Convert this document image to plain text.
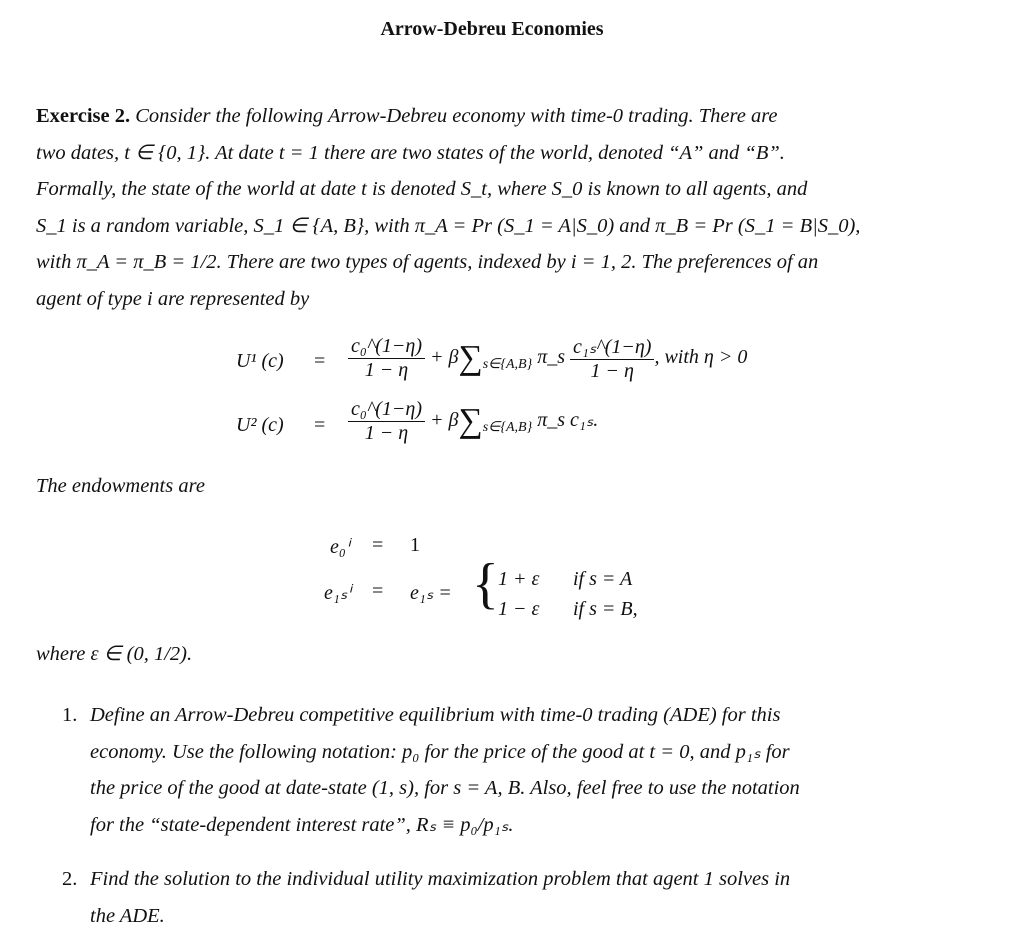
Arrow-Debreu Economies
Exercise 2. Consider the following Arrow-Debreu economy with time-0 trading. There are
two dates, t ∈ {0, 1}. At date t = 1 there are two states of the world, denoted “A” and “B”.
Formally, the state of the world at date t is denoted S_t, where S_0 is known to all agents, and
S_1 is a random variable, S_1 ∈ {A, B}, with π_A = Pr (S_1 = A|S_0) and π_B = Pr (S_1 = B|S_0),
with π_A = π_B = 1/2. There are two types of agents, indexed by i = 1, 2. The preferences of an
agent of type i are represented by
U¹ $(c) = \frac{\text{c₀\textasciicircum{}(1−η)}}{1 - \eta} + \beta\sum_{s\in\{A,B\}}$ π_s $\frac{\text{c₁ₛ\textasciicircum{}(1−η)}}{1 - \eta}$ , with η > 0
U² $(c) = \frac{\text{c₀\textasciicircum{}(1−η)}}{1 - \eta} + \beta\sum_{s\in\{A,B\}}$ π_s c₁ₛ.
The endowments are
e₀ⁱ = 1
e₁ₛⁱ = e₁ₛ = { 1 + ε if s = A
1 − ε if s = B,
where ε ∈ (0, 1/2).
1. Define an Arrow-Debreu competitive equilibrium with time-0 trading (ADE) for this
economy. Use the following notation: p₀ for the price of the good at t = 0, and p₁ₛ for
the price of the good at date-state (1, s), for s = A, B. Also, feel free to use the notation
for the “state-dependent interest rate”, Rₛ ≡ p₀/p₁ₛ.
2. Find the solution to the individual utility maximization problem that agent 1 solves in
the ADE.
